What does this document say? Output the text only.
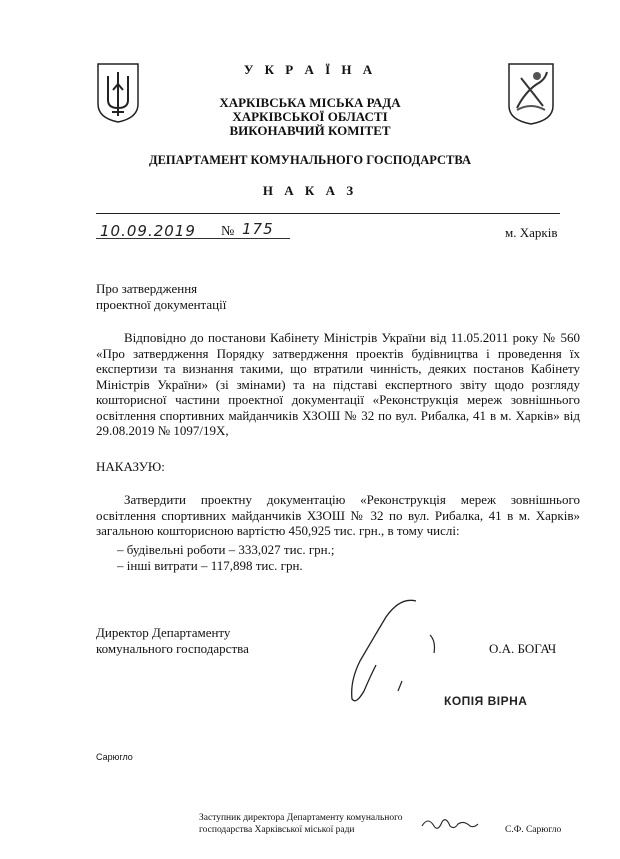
У К Р А Ї Н А
ХАРКІВСЬКА МІСЬКА РАДА
ХАРКІВСЬКОЇ ОБЛАСТІ
ВИКОНАВЧИЙ КОМІТЕТ
ДЕПАРТАМЕНТ КОМУНАЛЬНОГО ГОСПОДАРСТВА
Н А К А З
10.09.2019 № 175	м. Харків
Про затвердження
проектної документації
Відповідно до постанови Кабінету Міністрів України від 11.05.2011 року № 560 «Про затвердження Порядку затвердження проектів будівництва і проведення їх експертизи та визнання такими, що втратили чинність, деяких постанов Кабінету Міністрів України» (зі змінами) та на підставі експертного звіту щодо розгляду кошторисної частини проектної документації «Реконструкція мереж зовнішнього освітлення спортивних майданчиків ХЗОШ № 32 по вул. Рибалка, 41 в м. Харків» від 29.08.2019 № 1097/19Х,
НАКАЗУЮ:
Затвердити проектну документацію «Реконструкція мереж зовнішнього освітлення спортивних майданчиків ХЗОШ № 32 по вул. Рибалка, 41 в м. Харків» загальною кошторисною вартістю 450,925 тис. грн., в тому числі:
– будівельні роботи – 333,027 тис. грн.;
– інші витрати – 117,898 тис. грн.
Директор Департаменту
комунального господарства	О.А. БОГАЧ
КОПІЯ ВІРНА
Сарюгло
Заступник директора Департаменту комунального
господарства Харківської міської ради	С.Ф. Сарюгло
